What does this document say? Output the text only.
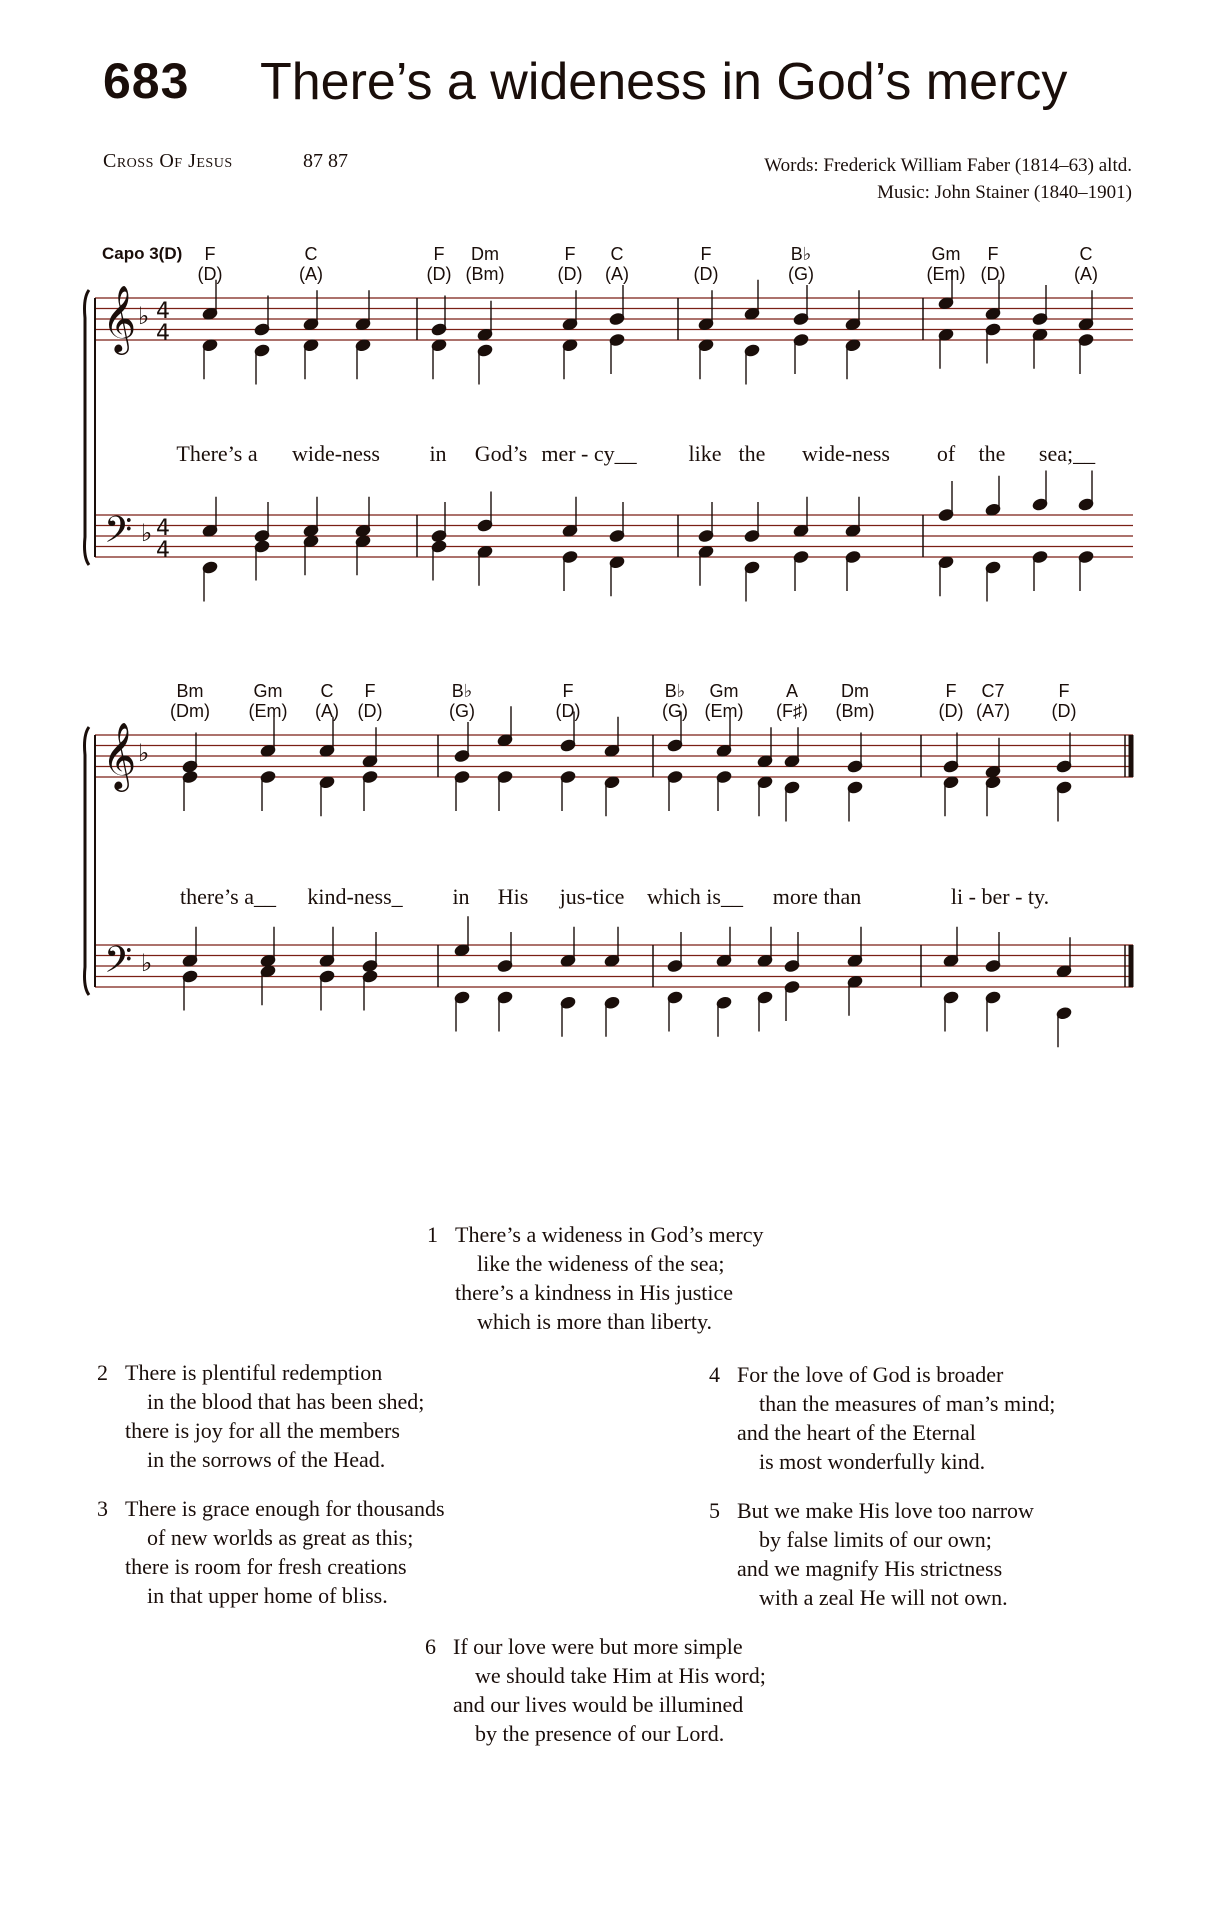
683 There’s a wideness in God’s mercy
Cross Of Jesus	87 87	Words: Frederick William Faber (1814–63) altd.
Music: John Stainer (1840–1901)
Capo 3(D)	F
(D)
C
(A)
F
(D)
Dm
(Bm)
F
(D)
C
(A)
F
(D)
B♭
(G)
Gm
(Em)
F
(D)
C
(A)
There’s a wide-ness in God’s mer - cy__ like the wide-ness of the sea;__
Bm
(Dm)
Gm
(Em)
C
(A)
F
(D)
B♭
(G)
F
(D)
B♭
(G)
Gm
(Em)
A
(F♯)
Dm
(Bm)
F
(D)
C7
(A7)
F
(D)
there’s a__ kind-ness_ in His jus-tice which is__ more than	li - ber - ty.
𝄞
𝄞
𝄢
𝄢
♭
♭
♭
♭
4
4
4
4
1 There’s a wideness in God’s mercy
like the wideness of the sea;
there’s a kindness in His justice
which is more than liberty.
2 There is plentiful redemption
in the blood that has been shed;
there is joy for all the members
in the sorrows of the Head.
3 There is grace enough for thousands
of new worlds as great as this;
there is room for fresh creations
in that upper home of bliss.
4 For the love of God is broader
than the measures of man’s mind;
and the heart of the Eternal
is most wonderfully kind.
5 But we make His love too narrow
by false limits of our own;
and we magnify His strictness
with a zeal He will not own.
6 If our love were but more simple
we should take Him at His word;
and our lives would be illumined
by the presence of our Lord.
